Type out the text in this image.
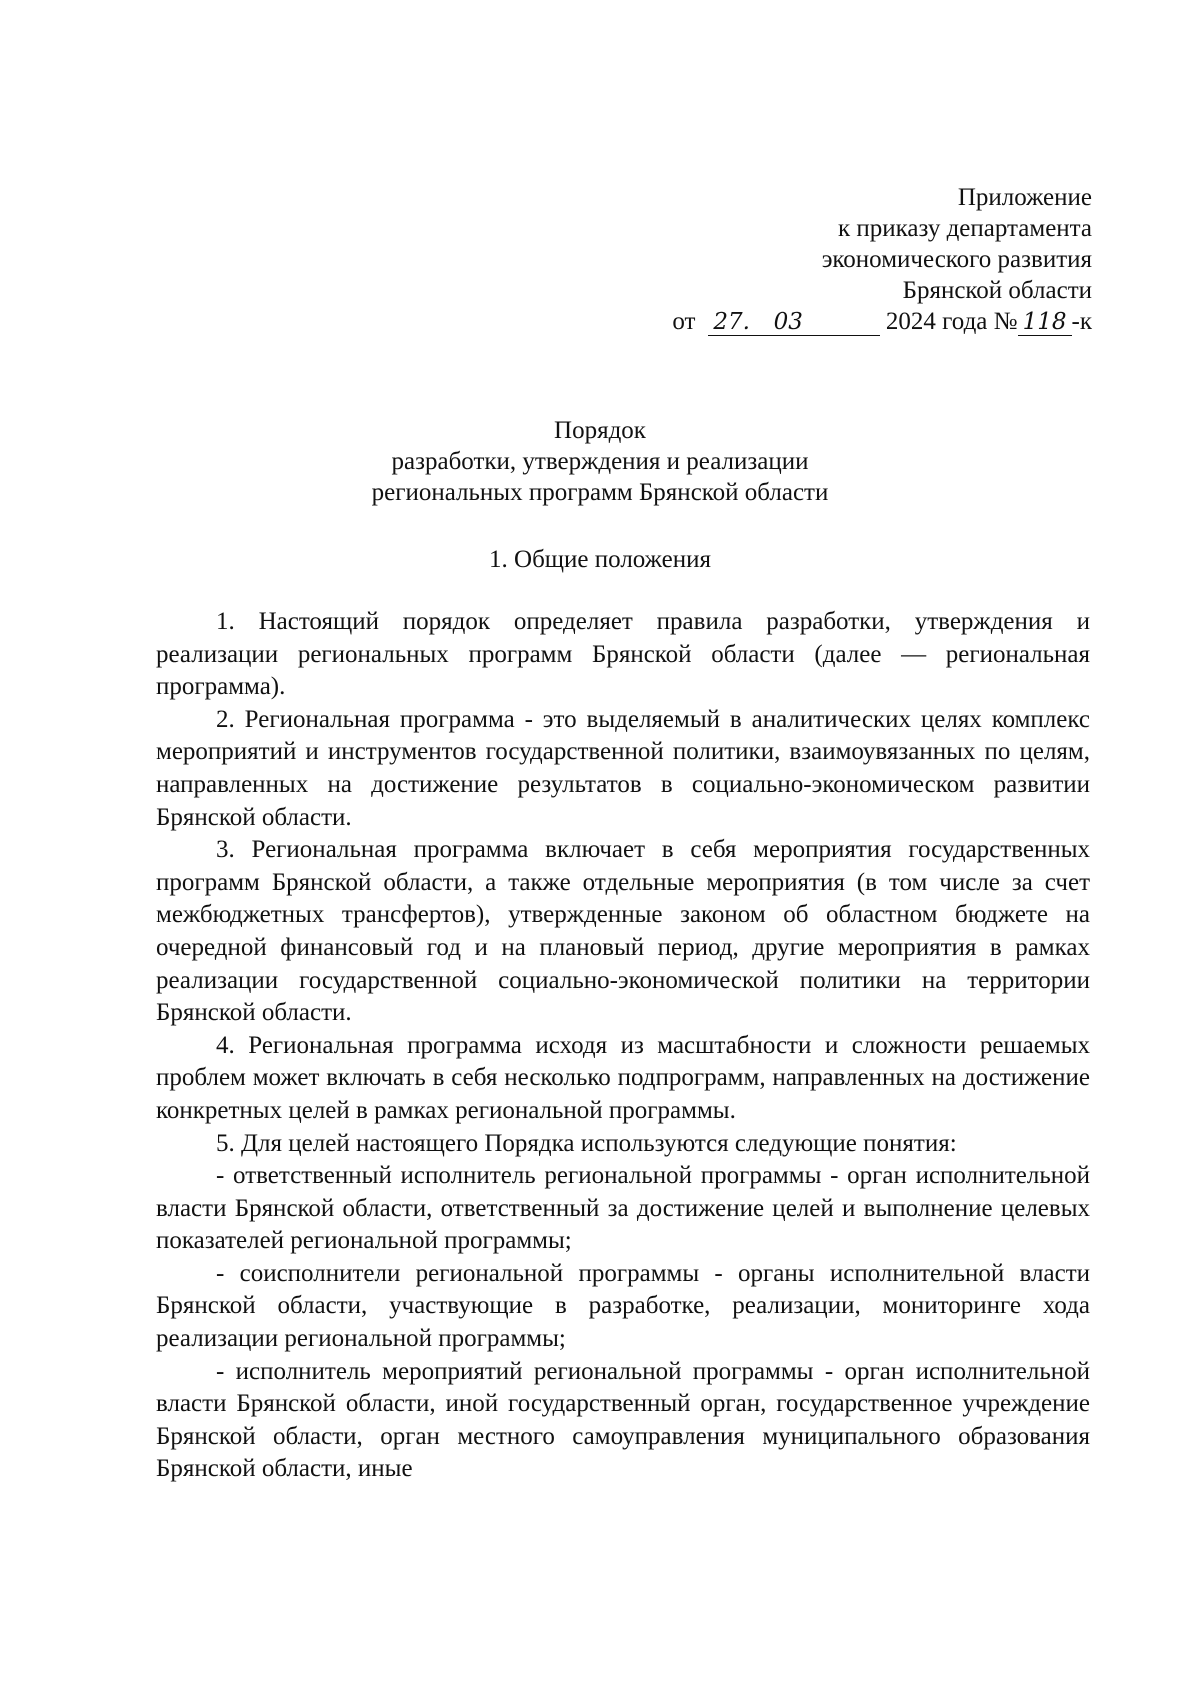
Приложение
к приказу департамента
экономического развития
Брянской области
от 27. 03	2024 года № 118 -к
Порядок
разработки, утверждения и реализации
региональных программ Брянской области
1. Общие положения

1. Настоящий порядок определяет правила разработки, утверждения и реализации региональных программ Брянской области (далее — региональная программа).

2. Региональная программа - это выделяемый в аналитических целях комплекс мероприятий и инструментов государственной политики, взаимоувязанных по целям, направленных на достижение результатов в социально-экономическом развитии Брянской области.

3. Региональная программа включает в себя мероприятия государственных программ Брянской области, а также отдельные мероприятия (в том числе за счет межбюджетных трансфертов), утвержденные законом об областном бюджете на очередной финансовый год и на плановый период, другие мероприятия в рамках реализации государственной социально-экономической политики на территории Брянской области.

4. Региональная программа исходя из масштабности и сложности решаемых проблем может включать в себя несколько подпрограмм, направленных на достижение конкретных целей в рамках региональной программы.

5. Для целей настоящего Порядка используются следующие понятия:

- ответственный исполнитель региональной программы - орган исполнительной власти Брянской области, ответственный за достижение целей и выполнение целевых показателей региональной программы;

- соисполнители региональной программы - органы исполнительной власти Брянской области, участвующие в разработке, реализации, мониторинге хода реализации региональной программы;

- исполнитель мероприятий региональной программы - орган исполнительной власти Брянской области, иной государственный орган, государственное учреждение Брянской области, орган местного самоуправления муниципального образования Брянской области, иные
